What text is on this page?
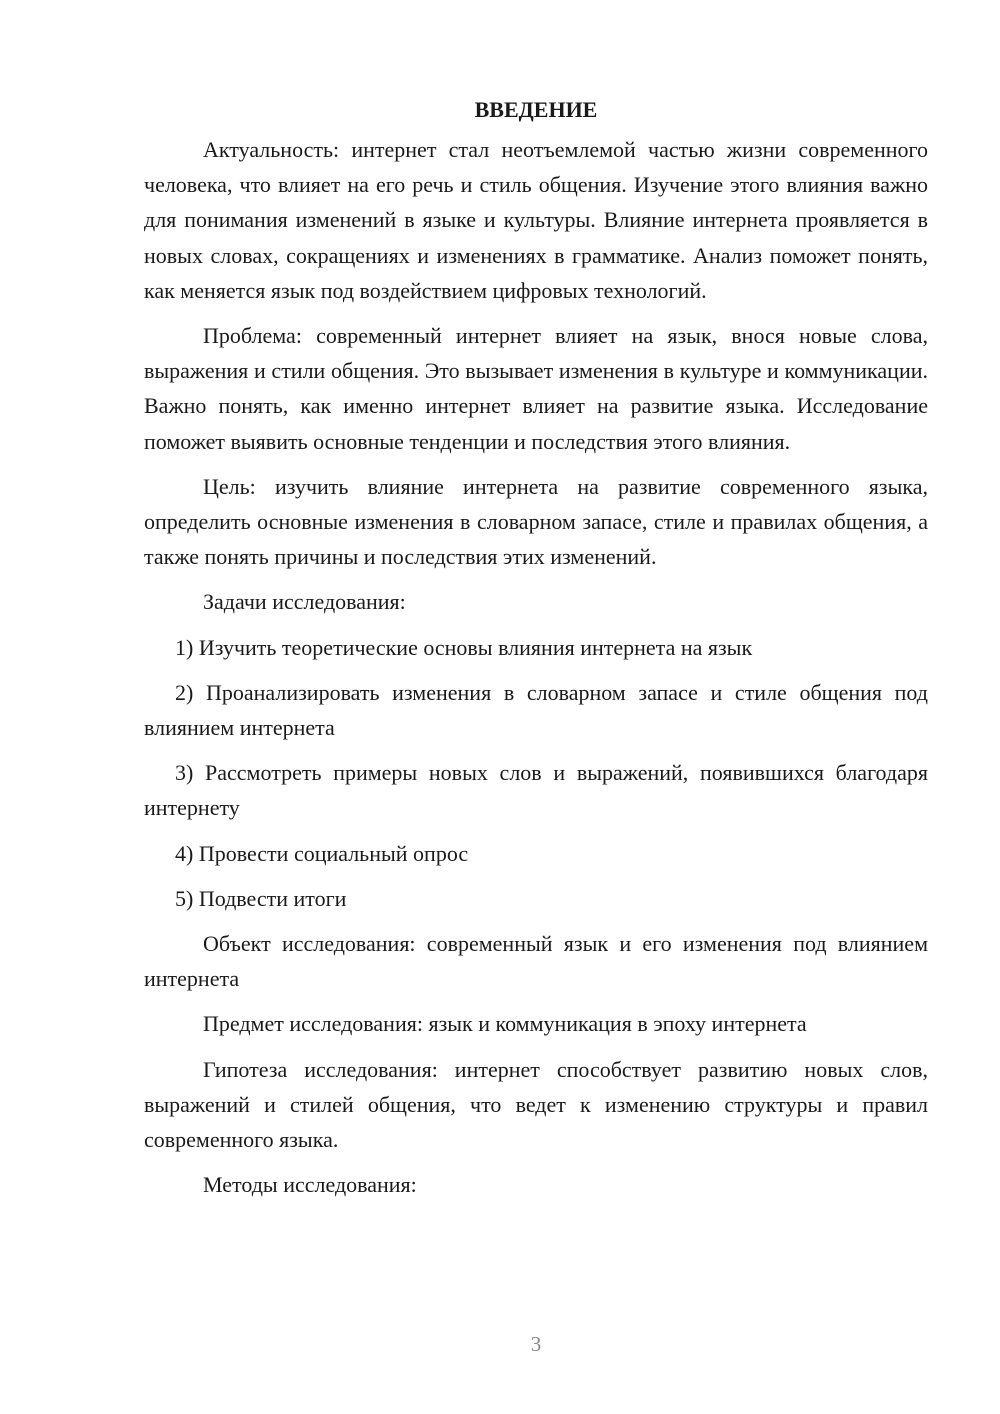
ВВЕДЕНИЕ

Актуальность: интернет стал неотъемлемой частью жизни современного человека, что влияет на его речь и стиль общения. Изучение этого влияния важно для понимания изменений в языке и культуры. Влияние интернета проявляется в новых словах, сокращениях и изменениях в грамматике. Анализ поможет понять, как меняется язык под воздействием цифровых технологий.

Проблема: современный интернет влияет на язык, внося новые слова, выражения и стили общения. Это вызывает изменения в культуре и коммуникации. Важно понять, как именно интернет влияет на развитие языка. Исследование поможет выявить основные тенденции и последствия этого влияния.

Цель: изучить влияние интернета на развитие современного языка, определить основные изменения в словарном запасе, стиле и правилах общения, а также понять причины и последствия этих изменений.

Задачи исследования:

1) Изучить теоретические основы влияния интернета на язык

2) Проанализировать изменения в словарном запасе и стиле общения под влиянием интернета

3) Рассмотреть примеры новых слов и выражений, появившихся благодаря интернету

4) Провести социальный опрос

5) Подвести итоги

Объект исследования: современный язык и его изменения под влиянием интернета

Предмет исследования: язык и коммуникация в эпоху интернета

Гипотеза исследования: интернет способствует развитию новых слов, выражений и стилей общения, что ведет к изменению структуры и правил современного языка.

Методы исследования:

3
